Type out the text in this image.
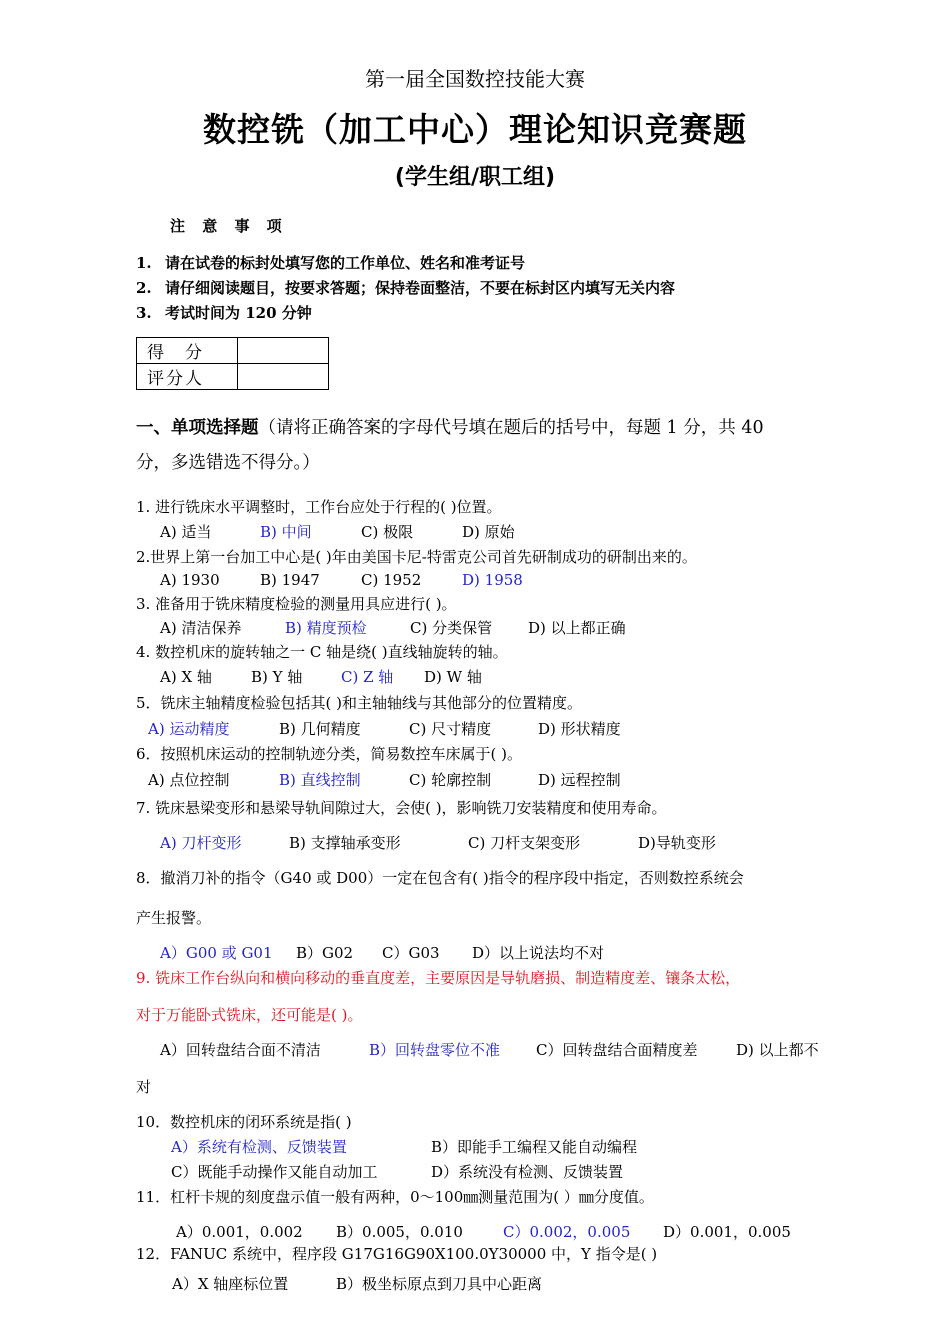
第一届全国数控技能大赛
数控铣（加工中心）理论知识竞赛题
(学生组/职工组)
注 意 事 项
1. 请在试卷的标封处填写您的工作单位、姓名和准考证号
2. 请仔细阅读题目，按要求答题；保持卷面整洁，不要在标封区内填写无关内容
3. 考试时间为 120 分钟
得　分	
评分人	
一、单项选择题（请将正确答案的字母代号填在题后的括号中，每题 1 分，共 40
分，多选错选不得分。）
1. 进行铣床水平调整时，工作台应处于行程的( )位置。
A) 适当	B) 中间	C) 极限	D) 原始
2.世界上第一台加工中心是( )年由美国卡尼-特雷克公司首先研制成功的研制出来的。
A) 1930	B) 1947	C) 1952	D) 1958
3. 准备用于铣床精度检验的测量用具应进行( )。
A) 清洁保养	B) 精度预检	C) 分类保管 D) 以上都正确
4. 数控机床的旋转轴之一 C 轴是绕( )直线轴旋转的轴。
A) X 轴	B) Y 轴	C) Z 轴 D) W 轴
5．铣床主轴精度检验包括其( )和主轴轴线与其他部分的位置精度。
A) 运动精度	B) 几何精度	C) 尺寸精度	D) 形状精度
6．按照机床运动的控制轨迹分类，简易数控车床属于( )。
A) 点位控制	B) 直线控制	C) 轮廓控制	D) 远程控制
7. 铣床悬梁变形和悬梁导轨间隙过大，会使( )，影响铣刀安装精度和使用寿命。
A) 刀杆变形	B) 支撑轴承变形	C) 刀杆支架变形	D)导轨变形
8．撤消刀补的指令（G40 或 D00）一定在包含有( )指令的程序段中指定，否则数控系统会
产生报警。
A）G00 或 G01 B）G02 C）G03 D）以上说法均不对
9. 铣床工作台纵向和横向移动的垂直度差，主要原因是导轨磨损、制造精度差、镶条太松，
对于万能卧式铣床，还可能是( )。
A）回转盘结合面不清洁	B）回转盘零位不准 C）回转盘结合面精度差	D) 以上都不
对
10．数控机床的闭环系统是指( )
A）系统有检测、反馈装置	B）即能手工编程又能自动编程
C）既能手动操作又能自动加工	D）系统没有检测、反馈装置
11．杠杆卡规的刻度盘示值一般有两种，0～100㎜测量范围为( ）㎜分度值。
A）0.001，0.002 B）0.005，0.010	C）0.002，0.005 D）0.001，0.005
12．FANUC 系统中，程序段 G17G16G90X100.0Y30000 中，Y 指令是( )
A）X 轴座标位置	B）极坐标原点到刀具中心距离
